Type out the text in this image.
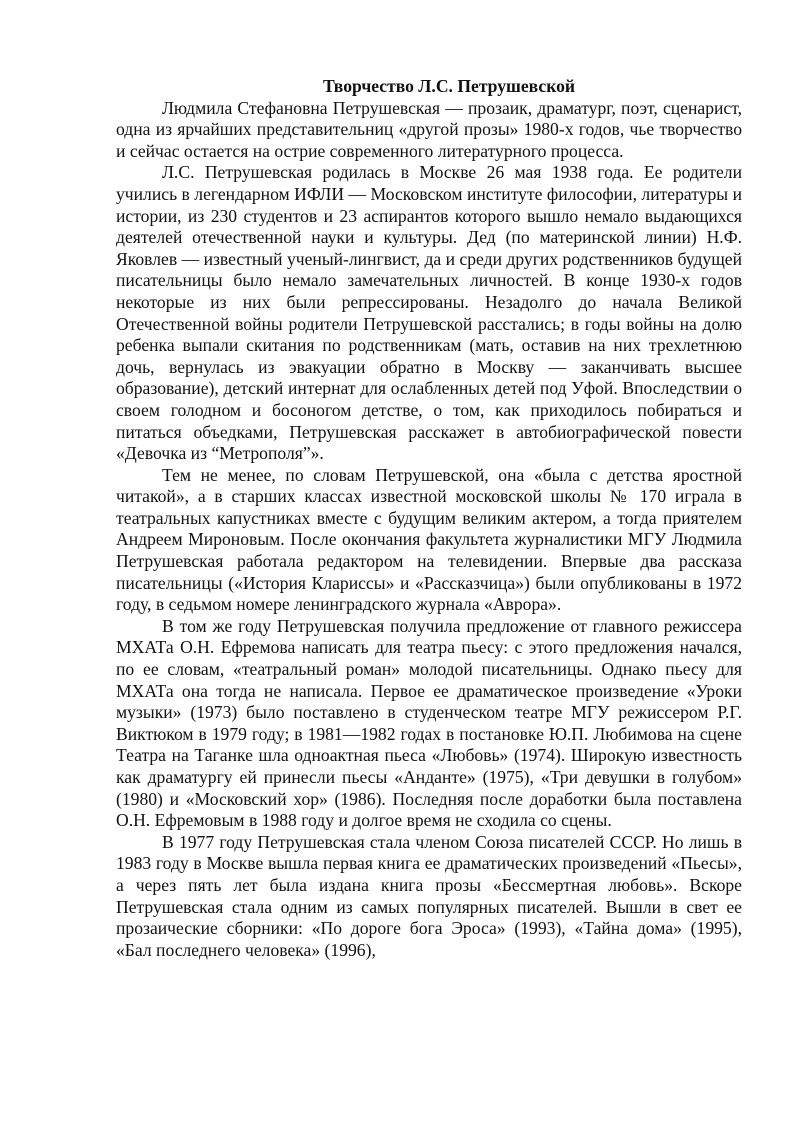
Творчество Л.С. Петрушевской

Людмила Стефановна Петрушевская — прозаик, драматург, поэт, сценарист, одна из ярчайших представительниц «другой прозы» 1980-х годов, чье творчество и сейчас остается на острие современного литературного процесса.

Л.С. Петрушевская родилась в Москве 26 мая 1938 года. Ее родители учились в легендарном ИФЛИ — Московском институте философии, литературы и истории, из 230 студентов и 23 аспирантов которого вышло немало выдающихся деятелей отечественной науки и культуры. Дед (по материнской линии) Н.Ф. Яковлев — известный ученый-лингвист, да и среди других родственников будущей писательницы было немало замечательных личностей. В конце 1930-х годов некоторые из них были репрессированы. Незадолго до начала Великой Отечественной войны родители Петрушевской расстались; в годы войны на долю ребенка выпали скитания по родственникам (мать, оставив на них трехлетнюю дочь, вернулась из эвакуации обратно в Москву — заканчивать высшее образование), детский интернат для ослабленных детей под Уфой. Впоследствии о своем голодном и босоногом детстве, о том, как приходилось побираться и питаться объедками, Петрушевская расскажет в автобиографической повести «Девочка из “Метрополя”».

Тем не менее, по словам Петрушевской, она «была с детства яростной читакой», а в старших классах известной московской школы № 170 играла в театральных капустниках вместе с будущим великим актером, а тогда приятелем Андреем Мироновым. После окончания факультета журналистики МГУ Людмила Петрушевская работала редактором на телевидении. Впервые два рассказа писательницы («История Клариссы» и «Рассказчица») были опубликованы в 1972 году, в седьмом номере ленинградского журнала «Аврора».

В том же году Петрушевская получила предложение от главного режиссера МХАТа О.Н. Ефремова написать для театра пьесу: с этого предложения начался, по ее словам, «театральный роман» молодой писательницы. Однако пьесу для МХАТа она тогда не написала. Первое ее драматическое произведение «Уроки музыки» (1973) было поставлено в студенческом театре МГУ режиссером Р.Г. Виктюком в 1979 году; в 1981—1982 годах в постановке Ю.П. Любимова на сцене Театра на Таганке шла одноактная пьеса «Любовь» (1974). Широкую известность как драматургу ей принесли пьесы «Анданте» (1975), «Три девушки в голубом» (1980) и «Московский хор» (1986). Последняя после доработки была поставлена О.Н. Ефремовым в 1988 году и долгое время не сходила со сцены.

В 1977 году Петрушевская стала членом Союза писателей СССР. Но лишь в 1983 году в Москве вышла первая книга ее драматических произведений «Пьесы», а через пять лет была издана книга прозы «Бессмертная любовь». Вскоре Петрушевская стала одним из самых популярных писателей. Вышли в свет ее прозаические сборники: «По дороге бога Эроса» (1993), «Тайна дома» (1995), «Бал последнего человека» (1996),
